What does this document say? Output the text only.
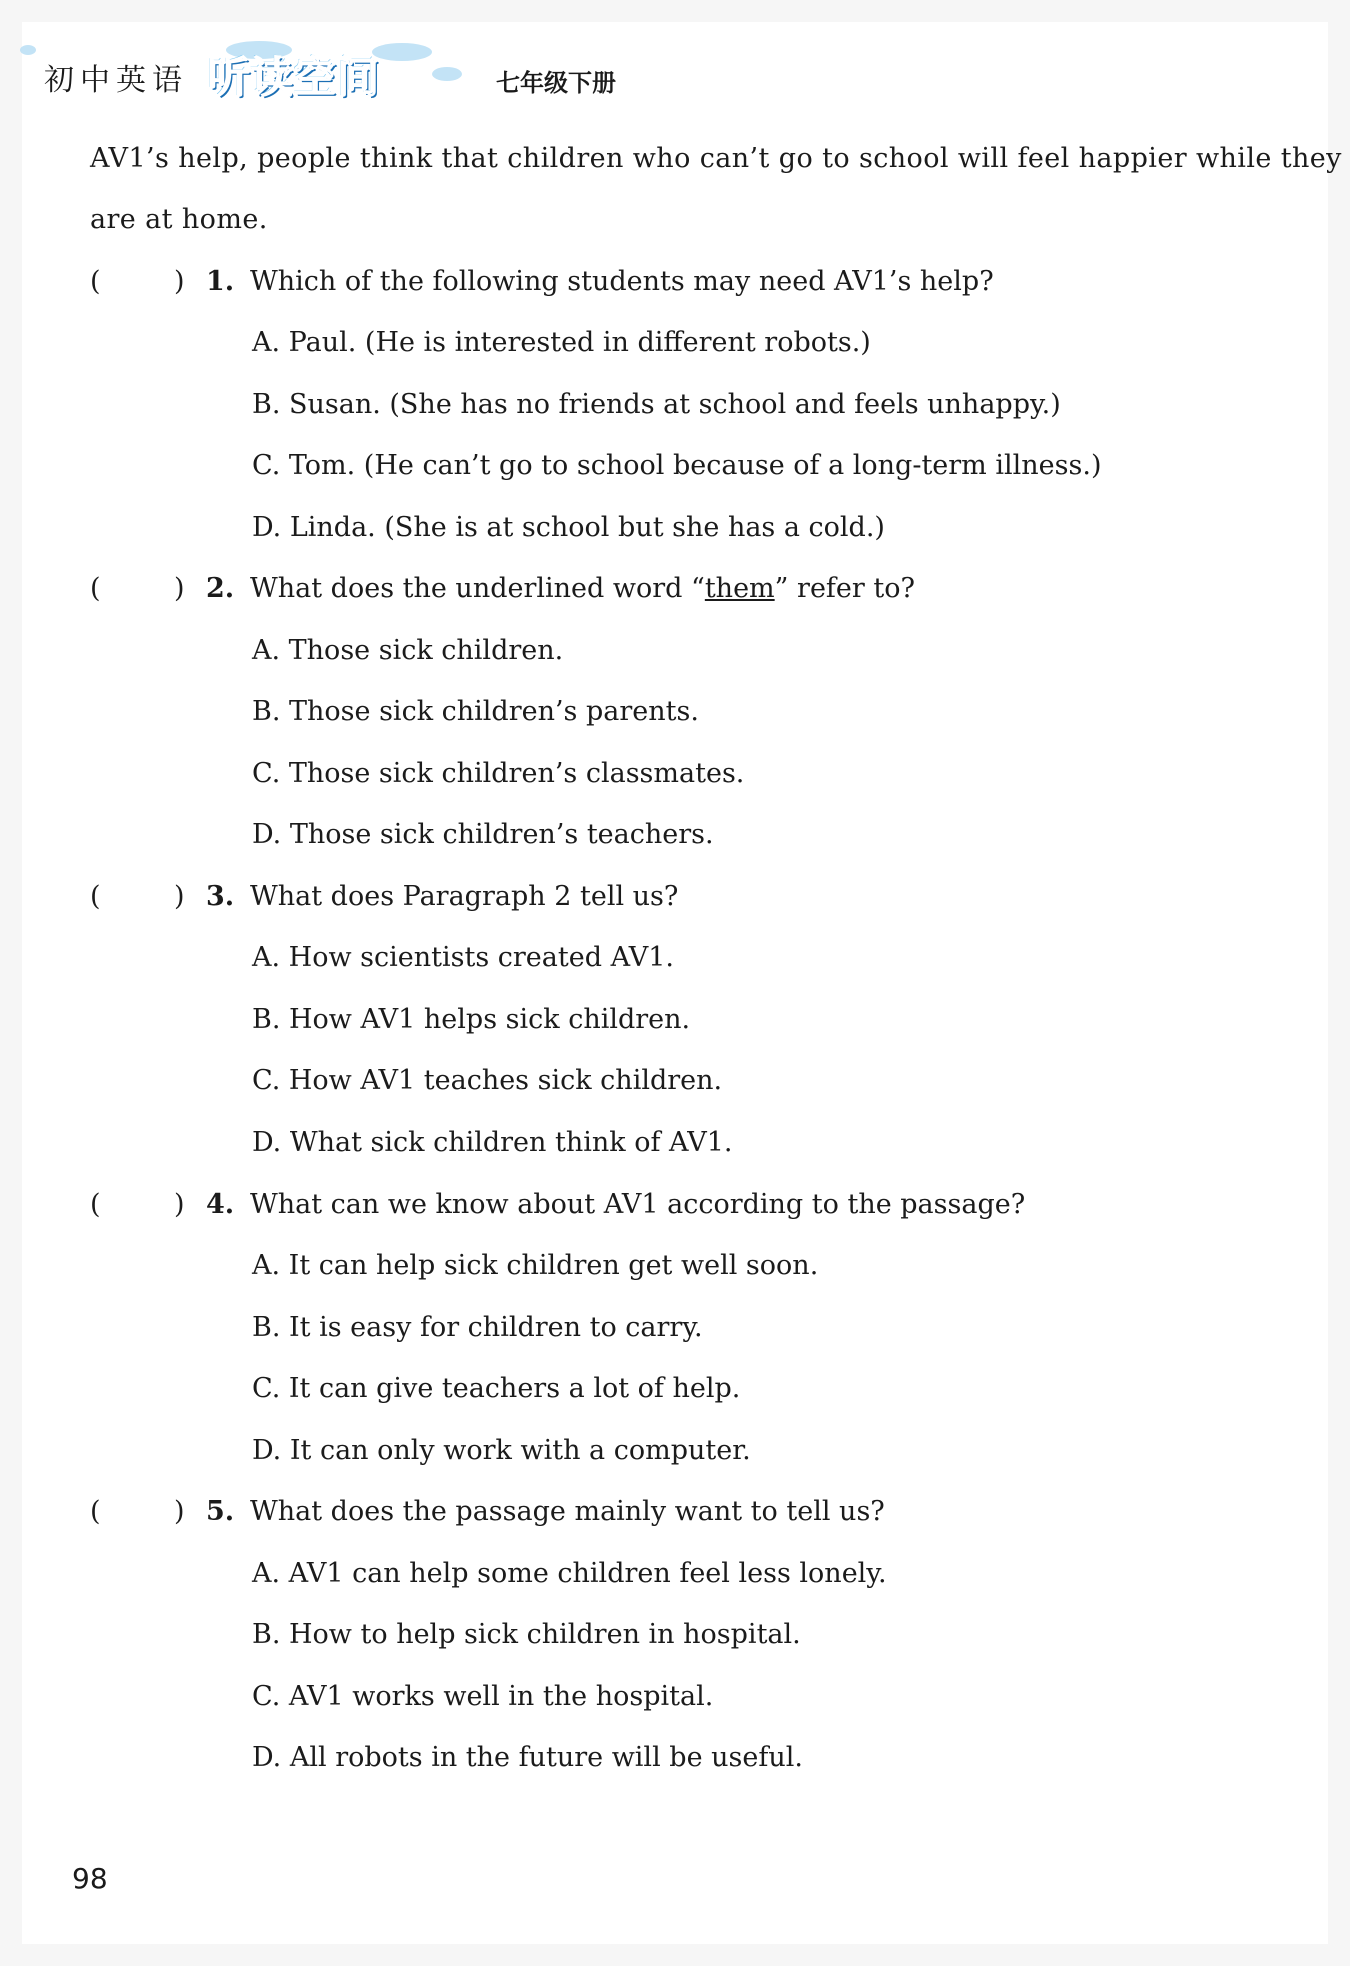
初中英语 听读空间	七年级下册
AV1’s help, people think that children who can’t go to school will feel happier while they
are at home.
(	) 1. Which of the following students may need AV1’s help?
A. Paul. (He is interested in different robots.)
B. Susan. (She has no friends at school and feels unhappy.)
C. Tom. (He can’t go to school because of a long-term illness.)
D. Linda. (She is at school but she has a cold.)
(	) 2. What does the underlined word “them” refer to?
A. Those sick children.
B. Those sick children’s parents.
C. Those sick children’s classmates.
D. Those sick children’s teachers.
(	) 3. What does Paragraph 2 tell us?
A. How scientists created AV1.
B. How AV1 helps sick children.
C. How AV1 teaches sick children.
D. What sick children think of AV1.
(	) 4. What can we know about AV1 according to the passage?
A. It can help sick children get well soon.
B. It is easy for children to carry.
C. It can give teachers a lot of help.
D. It can only work with a computer.
(	) 5. What does the passage mainly want to tell us?
A. AV1 can help some children feel less lonely.
B. How to help sick children in hospital.
C. AV1 works well in the hospital.
D. All robots in the future will be useful.
98
